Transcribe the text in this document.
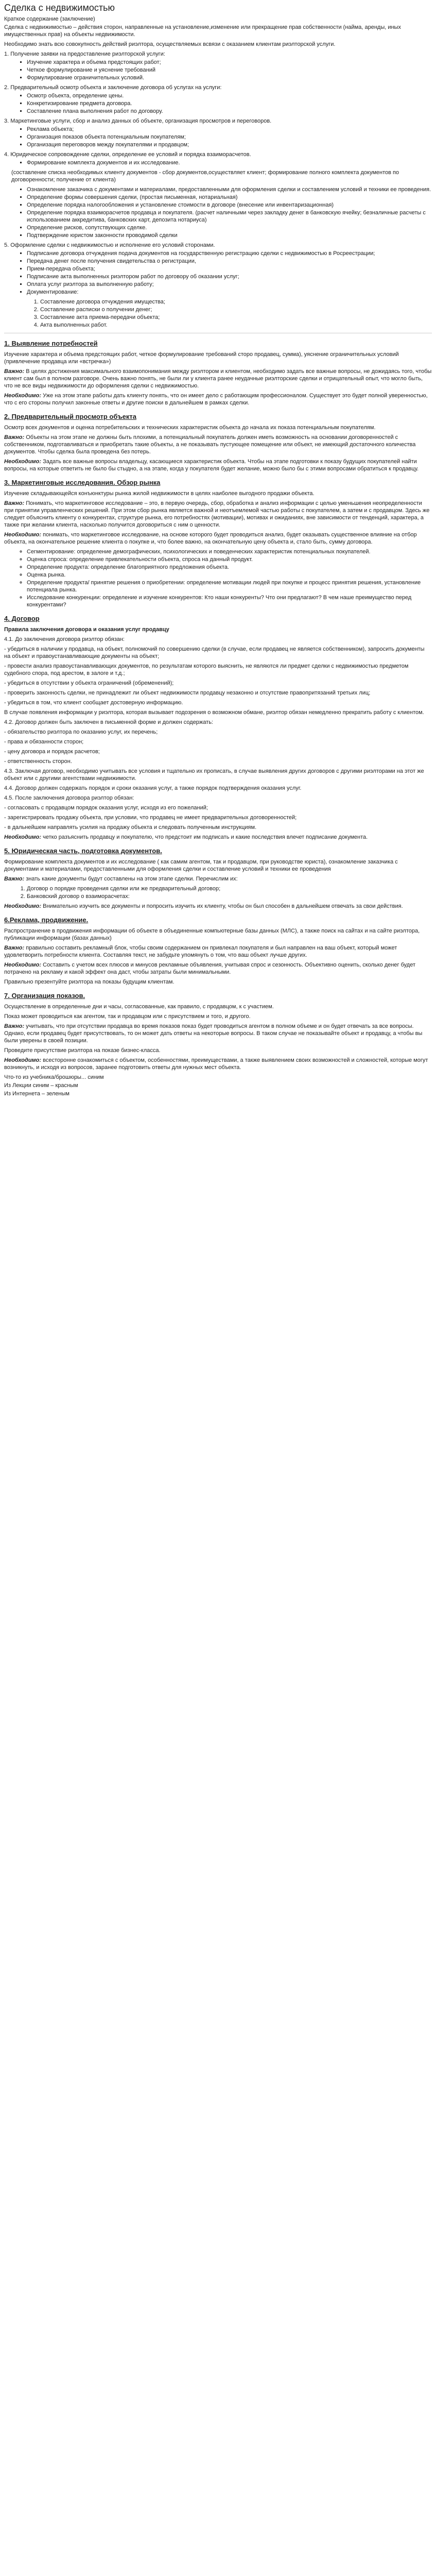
Сделка с недвижимостью

Краткое содержание (заключение)

Сделка с недвижимостью – действия сторон, направленные на установление,изменение или прекращение прав собственности (найма, аренды, иных имущественных прав) на объекты недвижимости.

Необходимо знать всю совокупность действий риэлтора, осуществляемых всвязи с оказанием клиентам риэлторской услуги.

1. Получение заявки на предоставление риэлторской услуги:

▪ Изучение характера и объема предстоящих работ;
▪ Четкое формулирование и уяснение требований
▪ Формулирование ограничительных условий.

2. Предварительный осмотр объекта и заключение договора об услугах на услуги:

▪ Осмотр объекта, определение цены.
▪ Конкретизирование предмета договора.
▪ Составление плана выполнения работ по договору.

3. Маркетинговые услуги, сбор и анализ данных об объекте, организация просмотров и переговоров.

▪ Реклама объекта;
▪ Организация показов объекта потенциальным покупателям;
▪ Организация переговоров между покупателями и продавцом;

4. Юридическое сопровождение сделки, определение ее условий и порядка взаиморасчетов.

▪ Формирование комплекта документов и их исследование.

(составление списка необходимых клиенту документов - сбор документов,осуществляет клиент; формирование полного комплекта документов по договоренности; получение от клиента)

▪ Ознакомление заказчика с документами и материалами, предоставленными для оформления сделки и составлением условий и техники ее проведения.
▪ Определение формы совершения сделки, (простая письменная, нотариальная)
▪ Определение порядка налогообложения и установление стоимости в договоре (внесение или инвентаризационная)
▪ Определение порядка взаиморасчетов продавца и покупателя. (расчет наличными через закладку денег в банковскую ячейку; безналичные расчеты с использованием аккредитива, банковских карт, депозита нотариуса)
▪ Определение рисков, сопутствующих сделке.
▪ Подтверждение юристом законности проводимой сделки

5. Оформление сделки с недвижимостью и исполнение его условий сторонами.

▪ Подписание договора отчуждения подача документов на государственную регистрацию сделки с недвижимостью в Росреестрации;
▪ Передача денег после получения свидетельства о регистрации,
▪ Прием-передача объекта;
▪ Подписание акта выполненных риэлтором работ по договору об оказании услуг;
▪ Оплата услуг риэлтора за выполненную работу;
▪ Документирование:
1. Составление договора отчуждения имущества;
2. Составление расписки о получении денег;
3. Составление акта приема-передачи объекта;
4. Акта выполненных работ.
1. Выявление потребностей

Изучение характера и объема предстоящих работ, четкое формулирование требований сторо продавец, сумма), уяснение ограничительных условий (привлечение продавца или «встречка»)

Важно: В целях достижения максимального взаимопонимания между риэлтором и клиентом, необходимо задать все важные вопросы, не дожидаясь того, чтобы клиент сам был в полном разговоре. Очень важно понять, не были ли у клиента ранее неудачные риэлторские сделки и отрицательный опыт, что могло быть, что не все виды недвижимости до оформления сделки с недвижимостью.

Необходимо: Уже на этом этапе работы дать клиенту понять, что он имеет дело с работающим профессионалом. Существует это будет полной уверенностью, что с его стороны получил законные ответы и другие поиски в дальнейшем в рамках сделки.

2. Предварительный просмотр объекта

Осмотр всех документов и оценка потребительских и технических характеристик объекта до начала их показа потенциальным покупателям.

Важно: Объекты на этом этапе не должны быть плохими, а потенциальный покупатель должен иметь возможность на основании договоренностей с собственником, подготавливаться и приобретать такие объекты, а не показывать пустующее помещение или объект, не имеющий достаточного количества документов. Чтобы сделка была проведена без потерь.

Необходимо: Задать все важные вопросы владельцу, касающиеся характеристик объекта. Чтобы на этапе подготовки к показу будущих покупателей найти вопросы, на которые ответить не было бы стыдно, а на этапе, когда у покупателя будет желание, можно было бы с этими вопросами обратиться к продавцу.

3. Маркетинговые исследования. Обзор рынка

Изучение складывающейся конъюнктуры рынка жилой недвижимости в целях наиболее выгодного продажи объекта.

Важно: Понимать, что маркетинговое исследование – это, в первую очередь, сбор, обработка и анализ информации с целью уменьшения неопределенности при принятии управленческих решений. При этом сбор рынка является важной и неотъемлемой частью работы с покупателем, а затем и с продавцом. Здесь же следует объяснить клиенту о конкурентах, структуре рынка, его потребностях (мотивации), мотивах и ожиданиях, вне зависимости от тенденций, характера, а также при желании клиента, насколько получится договориться с ним о ценности.

Необходимо: понимать, что маркетинговое исследование, на основе которого будет проводиться анализ, будет оказывать существенное влияние на отбор объекта, на окончательное решение клиента о покупке и, что более важно, на окончательную цену объекта и, стало быть, сумму договора.

◦ Сегментирование: определение демографических, психологических и поведенческих характеристик потенциальных покупателей.
◦ Оценка спроса: определение привлекательности объекта, спроса на данный продукт.
◦ Определение продукта: определение благоприятного предложения объекта.
◦ Оценка рынка.
◦ Определение продукта/ принятие решения о приобретении: определение мотивации людей при покупке и процесс принятия решения, установление потенциала рынка.
◦ Исследование конкуренции: определение и изучение конкурентов: Кто наши конкуренты? Что они предлагают? В чем наше преимущество перед конкурентами?
4. Договор

Правила заключения договора и оказания услуг продавцу

4.1. До заключения договора риэлтор обязан:

- убедиться в наличии у продавца, на объект, полномочий по совершению сделки (в случае, если продавец не является собственником), запросить документы на объект и правоустанавливающие документы на объект;

- провести анализ правоустанавливающих документов, по результатам которого выяснить, не являются ли предмет сделки с недвижимостью предметом судебного спора, под арестом, в залоге и т.д.;

- убедиться в отсутствии у объекта ограничений (обременений);

- проверить законность сделки, не принадлежит ли объект недвижимости продавцу незаконно и отсутствие правопритязаний третьих лиц;

- убедиться в том, что клиент сообщает достоверную информацию.

В случае появления информации у риэлтора, которая вызывает подозрения о возможном обмане, риэлтор обязан немедленно прекратить работу с клиентом.

4.2. Договор должен быть заключен в письменной форме и должен содержать:

- обязательство риэлтора по оказанию услуг, их перечень;

- права и обязанности сторон;

- цену договора и порядок расчетов;

- ответственность сторон.

4.3. Заключая договор, необходимо учитывать все условия и тщательно их прописать, в случае выявления других договоров с другими риэлторами на этот же объект или с другими агентствами недвижимости.

4.4. Договор должен содержать порядок и сроки оказания услуг, а также порядок подтверждения оказания услуг.

4.5. После заключения договора риэлтор обязан:

- согласовать с продавцом порядок оказания услуг, исходя из его пожеланий;

- зарегистрировать продажу объекта, при условии, что продавец не имеет предварительных договоренностей;

- в дальнейшем направлять усилия на продажу объекта и следовать полученным инструкциям.

Необходимо: четко разъяснить продавцу и покупателю, что предстоит им подписать и какие последствия влечет подписание документа.

5. Юридическая часть, подготовка документов.

Формирование комплекта документов и их исследование ( как самим агентом, так и продавцом, при руководстве юриста), ознакомление заказчика с документами и материалами, предоставленными для оформления сделки и составление условий и техники ее проведения

Важно: знать какие документы будут составлены на этом этапе сделки. Перечислим их:

1. Договор о порядке проведения сделки или же предварительный договор;
2. Банковский договор о взаиморасчетах:

Необходимо: Внимательно изучить все документы и попросить изучить их клиенту, чтобы он был способен в дальнейшем отвечать за свои действия.

6.Реклама, продвижение.

Распространение в продвижения информации об объекте в объединенные компьютерные базы данных (МЛС), а также поиск на сайтах и на сайте риэлтора, публикации информации (базах данных)

Важно: правильно составить рекламный блок, чтобы своим содержанием он привлекал покупателя и был направлен на ваш объект, который может удовлетворить потребности клиента. Составляя текст, не забудьте упомянуть о том, что ваш объект лучше других.

Необходимо: Составить с учетом всех плюсов и минусов рекламные объявления, учитывая спрос и сезонность. Объективно оценить, сколько денег будет потрачено на рекламу и какой эффект она даст, чтобы затраты были минимальными.

Правильно презентуйте риэлтора на показы будущим клиентам.

7. Организация показов.

Осуществление в определенные дни и часы, согласованные, как правило, с продавцом, к с участием.

Показ может проводиться как агентом, так и продавцом или с присутствием и того, и другого.

Важно: учитывать, что при отсутствии продавца во время показов показ будет проводиться агентом в полном объеме и он будет отвечать за все вопросы. Однако, если продавец будет присутствовать, то он может дать ответы на некоторые вопросы. В таком случае не показывайте объект и продавцу, а чтобы вы были уверены в своей позиции.

Проведите присутствие риэлтора на показе бизнес-класса.

Необходимо: всесторонне ознакомиться с объектом, особенностями, преимуществами, а также выявлением своих возможностей и сложностей, которые могут возникнуть, и исходя из вопросов, заранее подготовить ответы для нужных мест объекта.

Что-то из учебника/брошюры... синим

Из Лекции синим – красным

Из Интернета – зеленым
